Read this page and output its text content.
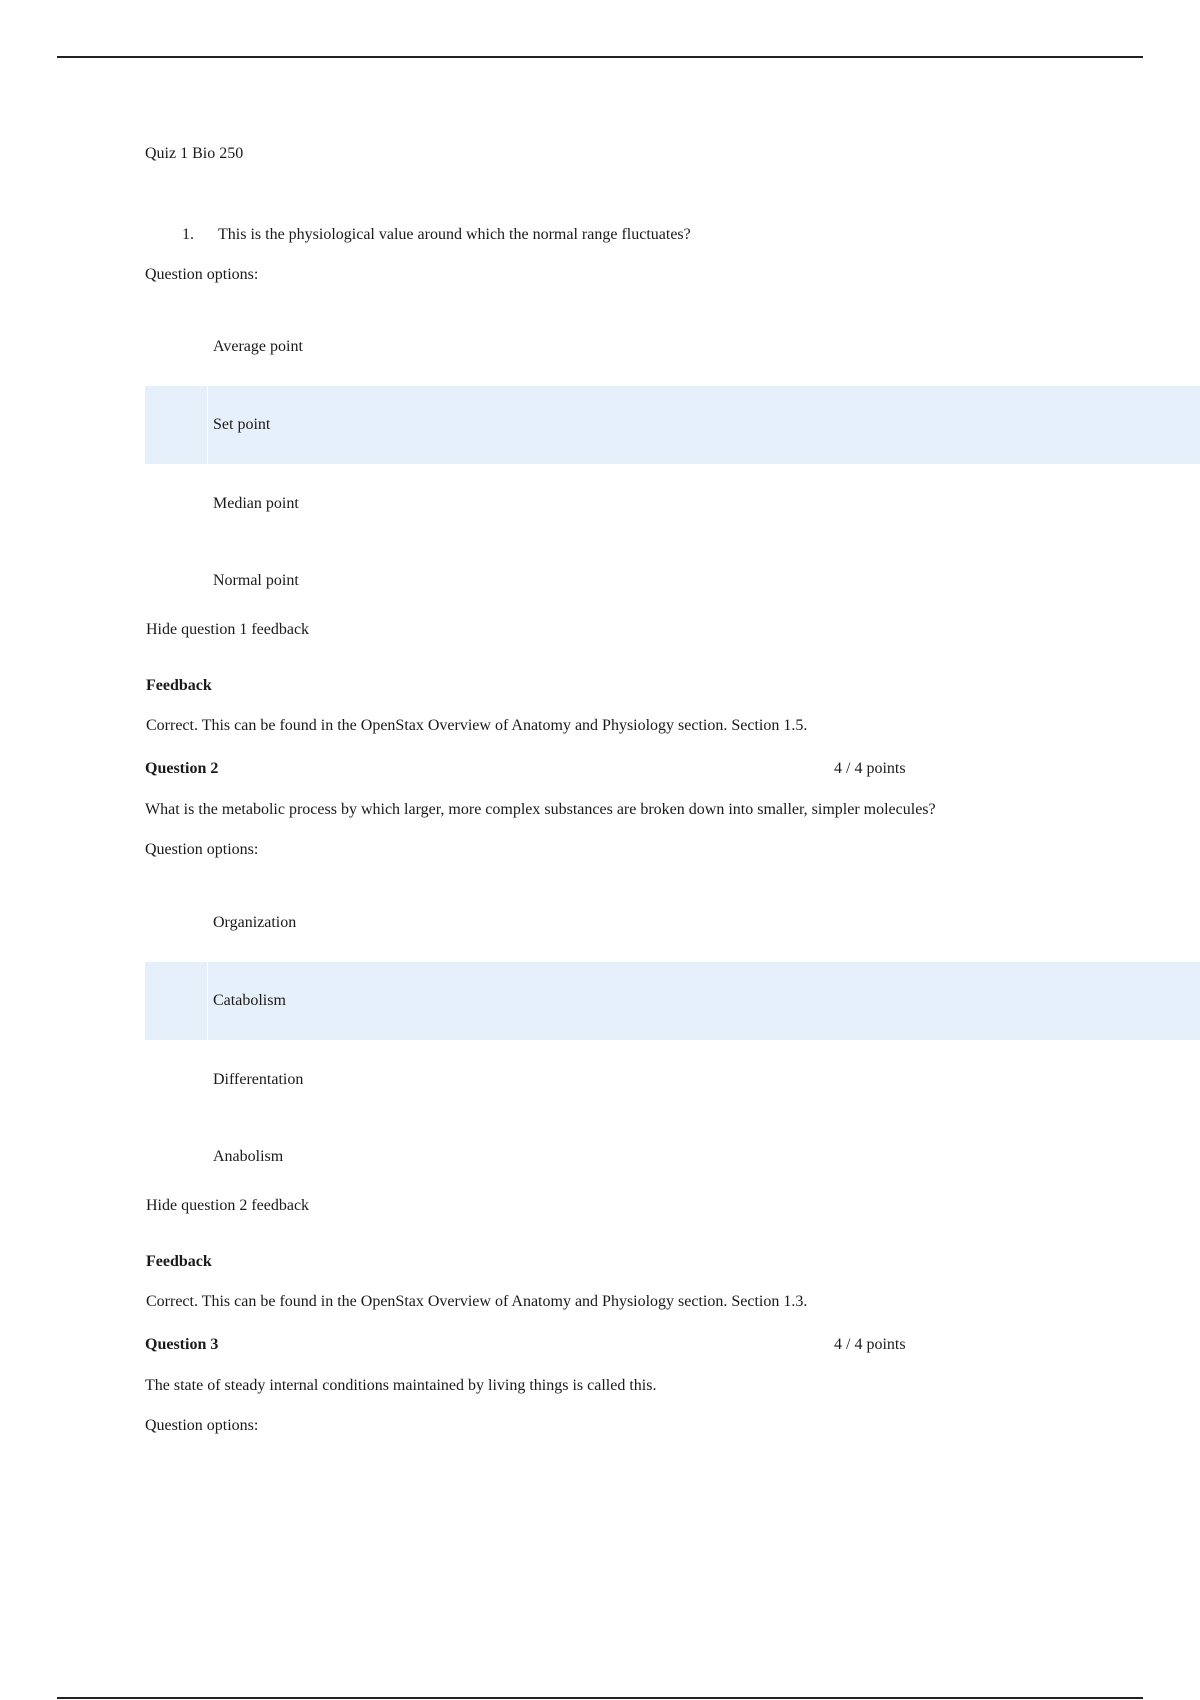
Quiz 1 Bio 250
1. This is the physiological value around which the normal range fluctuates?
Question options:
Average point
Set point
Median point
Normal point
Hide question 1 feedback
Feedback
Correct. This can be found in the OpenStax Overview of Anatomy and Physiology section. Section 1.5.
Question 2	4 / 4 points
What is the metabolic process by which larger, more complex substances are broken down into smaller, simpler molecules?
Question options:
Organization
Catabolism
Differentation
Anabolism
Hide question 2 feedback
Feedback
Correct. This can be found in the OpenStax Overview of Anatomy and Physiology section. Section 1.3.
Question 3	4 / 4 points
The state of steady internal conditions maintained by living things is called this.
Question options:
